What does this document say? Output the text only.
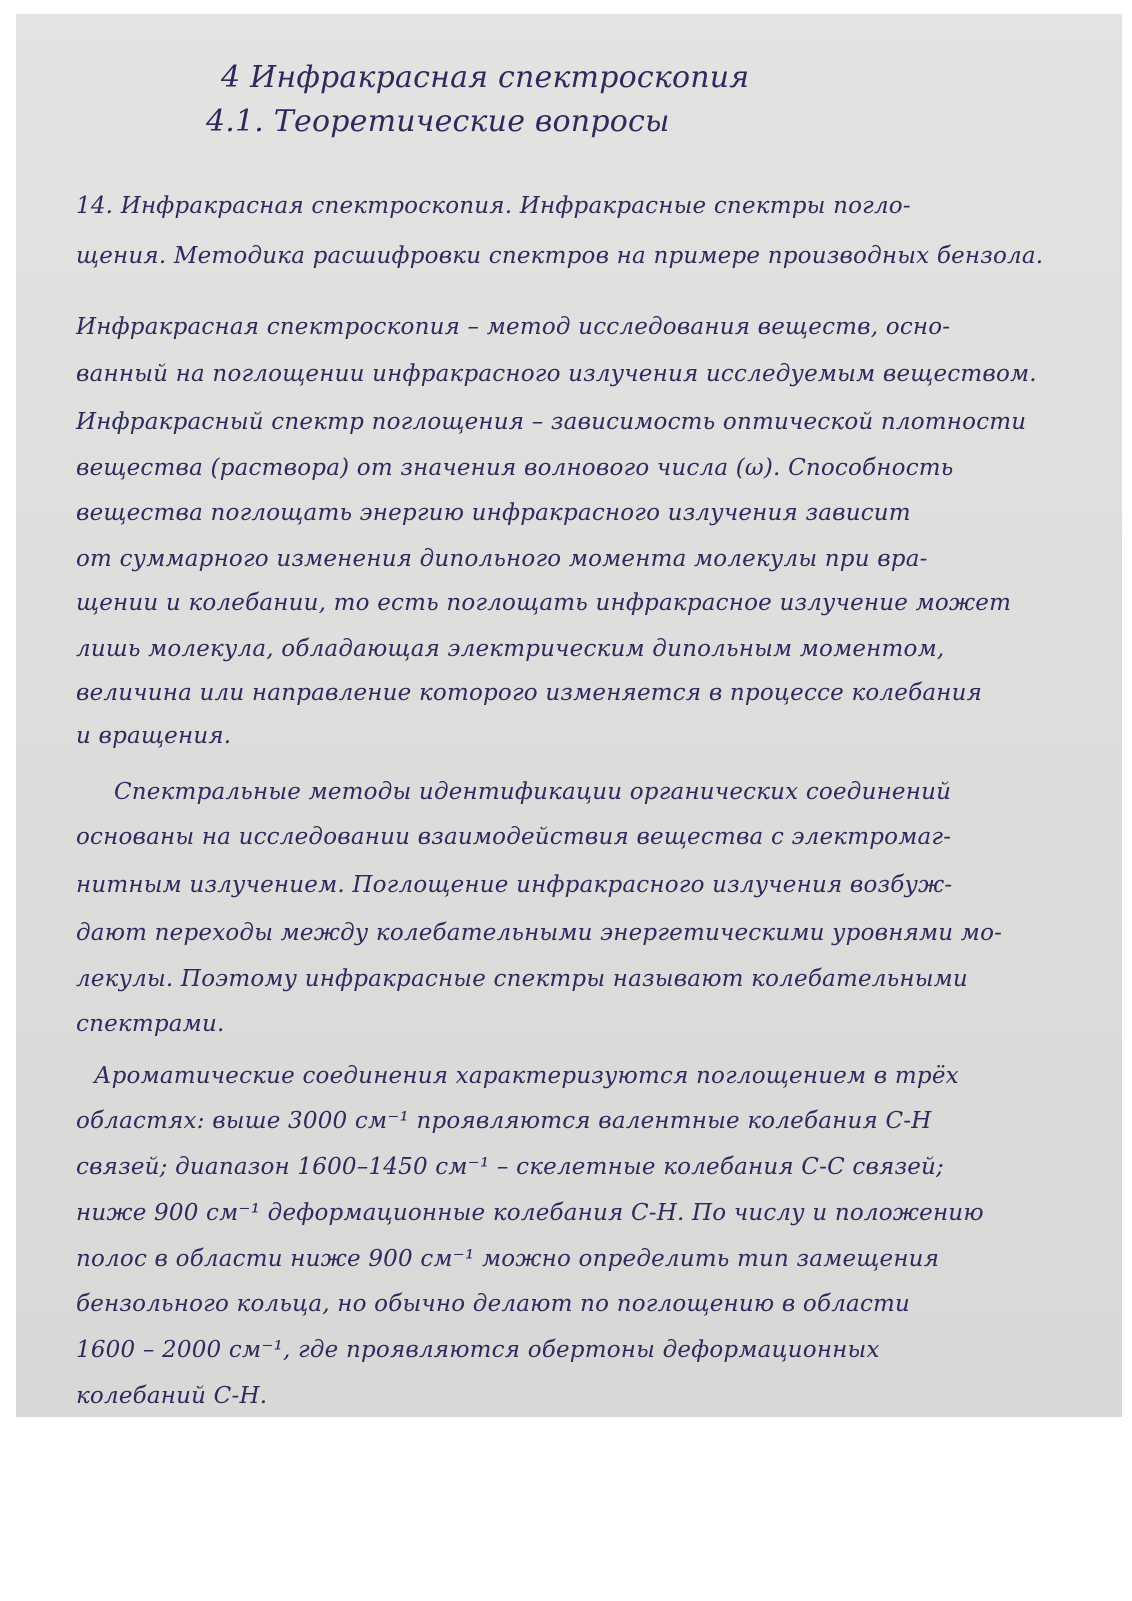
4 Инфракрасная спектроскопия
4.1. Теоретические вопросы
14. Инфракрасная спектроскопия. Инфракрасные спектры погло-
щения. Методика расшифровки спектров на примере производных бензола.
Инфракрасная спектроскопия – метод исследования веществ, осно-
ванный на поглощении инфракрасного излучения исследуемым веществом.
Инфракрасный спектр поглощения – зависимость оптической плотности
вещества (раствора) от значения волнового числа (ω). Способность
вещества поглощать энергию инфракрасного излучения зависит
от суммарного изменения дипольного момента молекулы при вра-
щении и колебании, то есть поглощать инфракрасное излучение может
лишь молекула, обладающая электрическим дипольным моментом,
величина или направление которого изменяется в процессе колебания
и вращения.
Спектральные методы идентификации органических соединений
основаны на исследовании взаимодействия вещества с электромаг-
нитным излучением. Поглощение инфракрасного излучения возбуж-
дают переходы между колебательными энергетическими уровнями мо-
лекулы. Поэтому инфракрасные спектры называют колебательными
спектрами.
Ароматические соединения характеризуются поглощением в трёх
областях: выше 3000 см⁻¹ проявляются валентные колебания C-H
связей; диапазон 1600–1450 см⁻¹ – скелетные колебания C-C связей;
ниже 900 см⁻¹ деформационные колебания C-H. По числу и положению
полос в области ниже 900 см⁻¹ можно определить тип замещения
бензольного кольца, но обычно делают по поглощению в области
1600 – 2000 см⁻¹, где проявляются обертоны деформационных
колебаний C-H.
